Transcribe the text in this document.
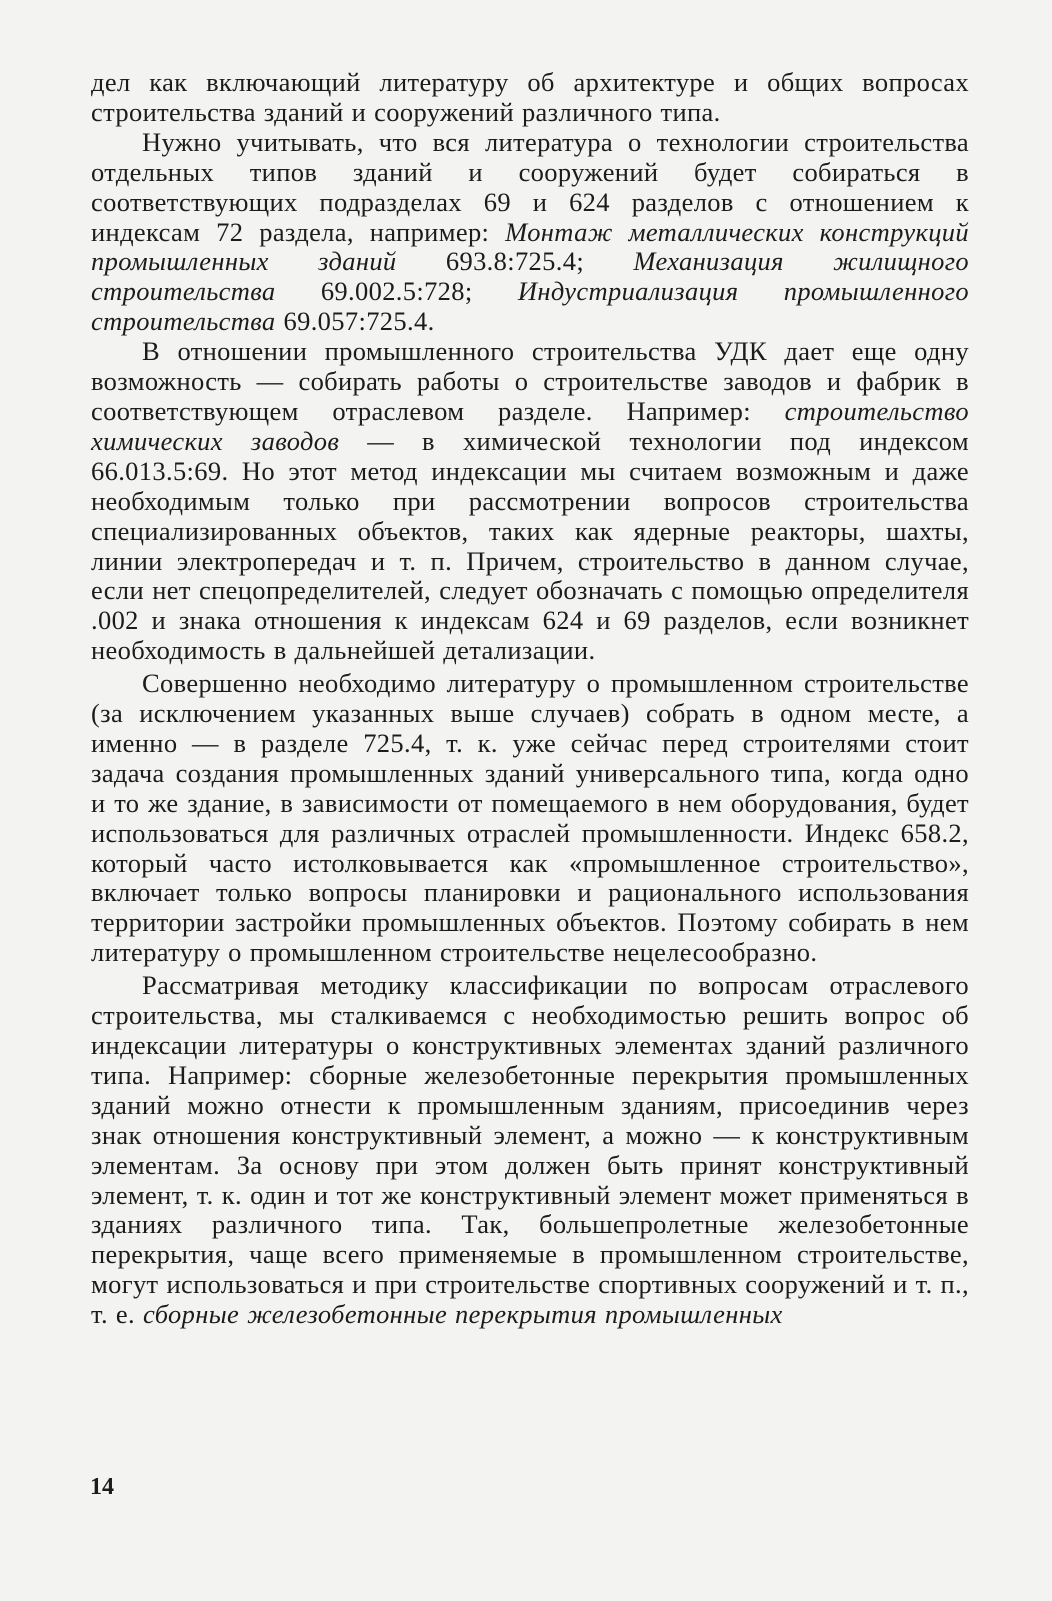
дел как включающий литературу об архитектуре и общих вопросах строительства зданий и сооружений различного типа.

Нужно учитывать, что вся литература о технологии строительства отдельных типов зданий и сооружений будет собираться в соответствующих подразделах 69 и 624 разделов с отношением к индексам 72 раздела, например: Монтаж металлических конструкций промышленных зданий 693.8:725.4; Механизация жилищного строительства 69.002.5:728; Индустриализация промышленного строительства 69.057:725.4.

В отношении промышленного строительства УДК дает еще одну возможность — собирать работы о строительстве заводов и фабрик в соответствующем отраслевом разделе. Например: строительство химических заводов — в химической технологии под индексом 66.013.5:69. Но этот метод индексации мы считаем возможным и даже необходимым только при рассмотрении вопросов строительства специализированных объектов, таких как ядерные реакторы, шахты, линии электропередач и т. п. Причем, строительство в данном случае, если нет спецопределителей, следует обозначать с помощью определителя .002 и знака отношения к индексам 624 и 69 разделов, если возникнет необходимость в дальнейшей детализации.

Совершенно необходимо литературу о промышленном строительстве (за исключением указанных выше случаев) собрать в одном месте, а именно — в разделе 725.4, т. к. уже сейчас перед строителями стоит задача создания промышленных зданий универсального типа, когда одно и то же здание, в зависимости от помещаемого в нем оборудования, будет использоваться для различных отраслей промышленности. Индекс 658.2, который часто истолковывается как «промышленное строительство», включает только вопросы планировки и рационального использования территории застройки промышленных объектов. Поэтому собирать в нем литературу о промышленном строительстве нецелесообразно.

Рассматривая методику классификации по вопросам отраслевого строительства, мы сталкиваемся с необходимостью решить вопрос об индексации литературы о конструктивных элементах зданий различного типа. Например: сборные железобетонные перекрытия промышленных зданий можно отнести к промышленным зданиям, присоединив через знак отношения конструктивный элемент, а можно — к конструктивным элементам. За основу при этом должен быть принят конструктивный элемент, т. к. один и тот же конструктивный элемент может применяться в зданиях различного типа. Так, большепролетные железобетонные перекрытия, чаще всего применяемые в промышленном строительстве, могут использоваться и при строительстве спортивных сооружений и т. п., т. е. сборные железобетонные перекрытия промышленных

14
